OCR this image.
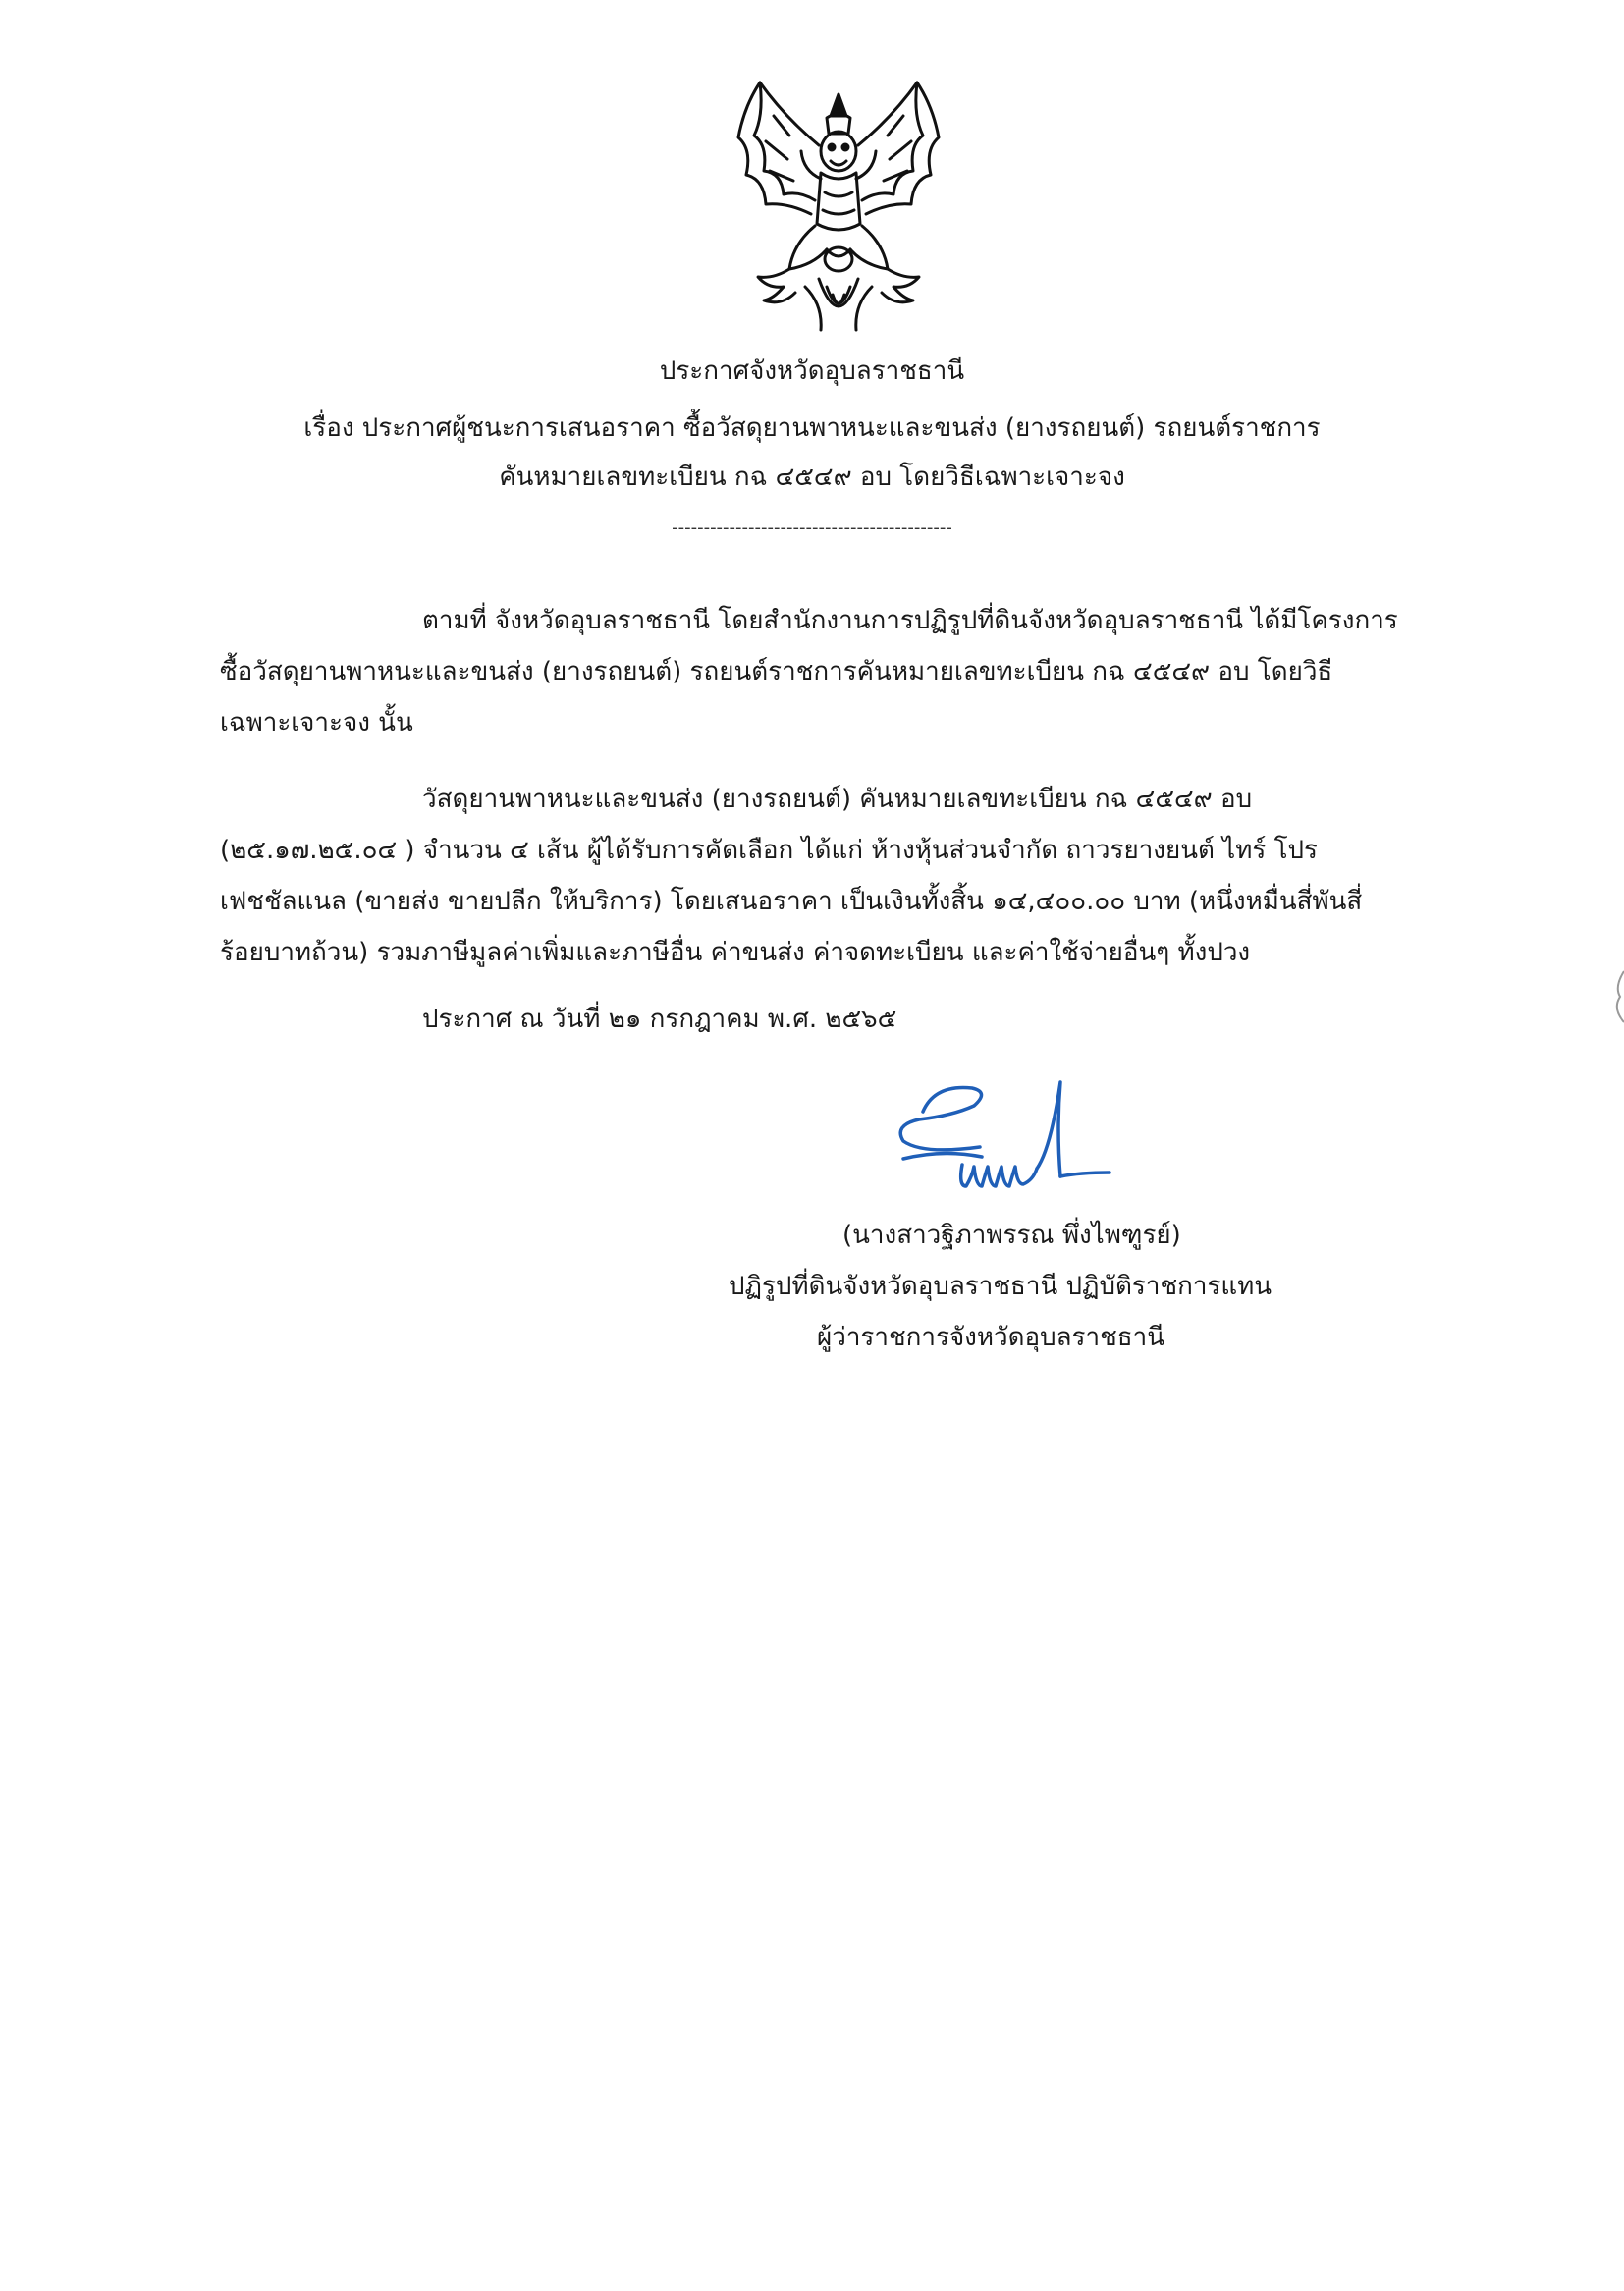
ประกาศจังหวัดอุบลราชธานี
เรื่อง ประกาศผู้ชนะการเสนอราคา ซื้อวัสดุยานพาหนะและขนส่ง (ยางรถยนต์) รถยนต์ราชการ
คันหมายเลขทะเบียน กฉ ๔๕๔๙ อบ โดยวิธีเฉพาะเจาะจง
--------------------------------------------
ตามที่ จังหวัดอุบลราชธานี โดยสำนักงานการปฏิรูปที่ดินจังหวัดอุบลราชธานี ได้มีโครงการ
ซื้อวัสดุยานพาหนะและขนส่ง (ยางรถยนต์) รถยนต์ราชการคันหมายเลขทะเบียน กฉ ๔๕๔๙ อบ โดยวิธี
เฉพาะเจาะจง นั้น
วัสดุยานพาหนะและขนส่ง (ยางรถยนต์) คันหมายเลขทะเบียน กฉ ๔๕๔๙ อบ
(๒๕.๑๗.๒๕.๐๔ ) จำนวน ๔ เส้น ผู้ได้รับการคัดเลือก ได้แก่ ห้างหุ้นส่วนจำกัด ถาวรยางยนต์ ไทร์ โปร
เฟชชัลแนล (ขายส่ง ขายปลีก ให้บริการ) โดยเสนอราคา เป็นเงินทั้งสิ้น ๑๔,๔๐๐.๐๐ บาท (หนึ่งหมื่นสี่พันสี่
ร้อยบาทถ้วน) รวมภาษีมูลค่าเพิ่มและภาษีอื่น ค่าขนส่ง ค่าจดทะเบียน และค่าใช้จ่ายอื่นๆ ทั้งปวง
ประกาศ ณ วันที่ ๒๑ กรกฎาคม พ.ศ. ๒๕๖๕
(นางสาวฐิภาพรรณ พึ่งไพฑูรย์)
ปฏิรูปที่ดินจังหวัดอุบลราชธานี ปฏิบัติราชการแทน
ผู้ว่าราชการจังหวัดอุบลราชธานี
